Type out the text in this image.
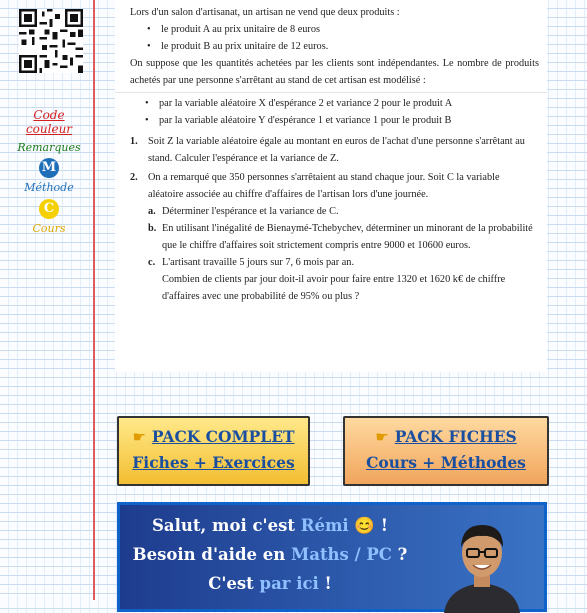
Code couleur
Remarques
M
Méthode
C
Cours

Lors d'un salon d'artisanat, un artisan ne vend que deux produits :

• le produit A au prix unitaire de 8 euros
• le produit B au prix unitaire de 12 euros.

On suppose que les quantités achetées par les clients sont indépendantes. Le nombre de produits achetés par une personne s'arrêtant au stand de cet artisan est modélisé :

• par la variable aléatoire X d'espérance 2 et variance 2 pour le produit A
• par la variable aléatoire Y d'espérance 1 et variance 1 pour le produit B
1. Soit Z la variable aléatoire égale au montant en euros de l'achat d'une personne s'arrêtant au stand. Calculer l'espérance et la variance de Z.
2. On a remarqué que 350 personnes s'arrêtaient au stand chaque jour. Soit C la variable aléatoire associée au chiffre d'affaires de l'artisan lors d'une journée.
a. Déterminer l'espérance et la variance de C.
b. En utilisant l'inégalité de Bienaymé-Tchebychev, déterminer un minorant de la probabilité que le chiffre d'affaires soit strictement compris entre 9000 et 10600 euros.
c. L'artisant travaille 5 jours sur 7, 6 mois par an.
Combien de clients par jour doit-il avoir pour faire entre 1320 et 1620 k€ de chiffre d'affaires avec une probabilité de 95% ou plus ?
☛ PACK COMPLET
Fiches + Exercices
☛ PACK FICHES
Cours + Méthodes
Salut, moi c'est Rémi 😊 !
Besoin d'aide en Maths / PC ?
C'est par ici !
